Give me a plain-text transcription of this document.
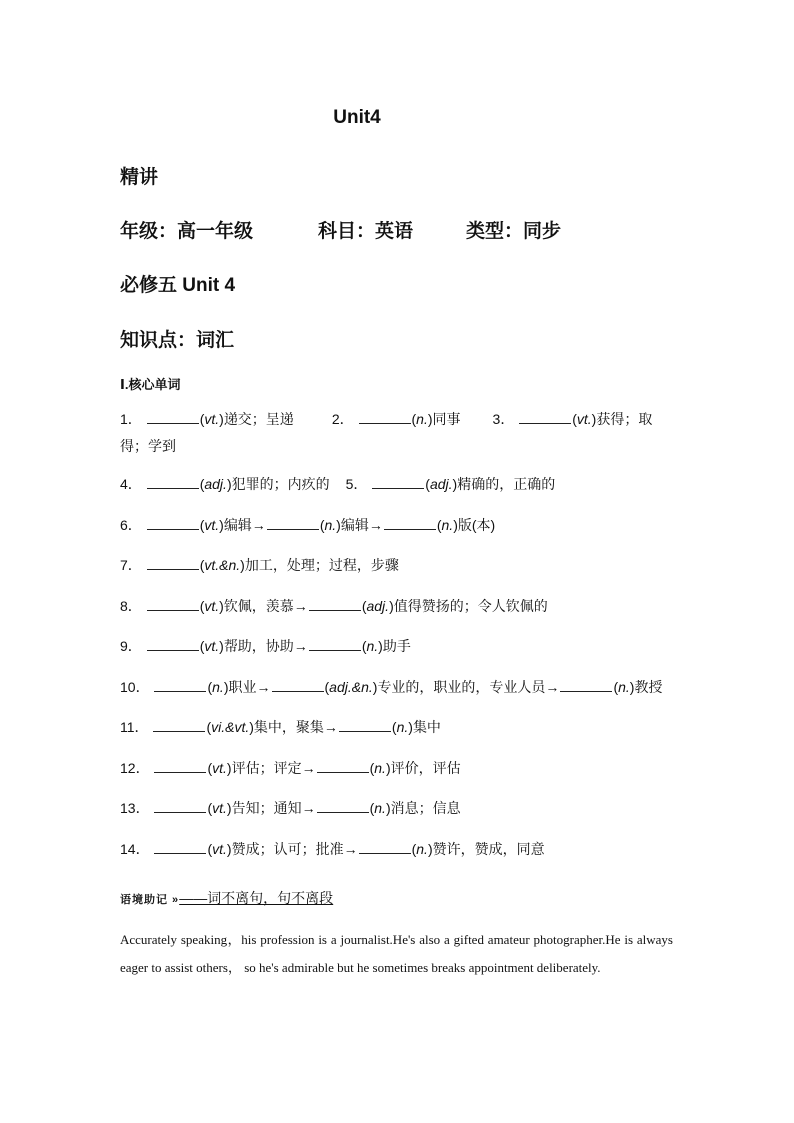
Unit4
精讲
年级：高一年级	科目：英语	类型：同步
必修五 Unit 4
知识点：词汇
Ⅰ.核心单词
1．	(vt.)递交；呈递	2．	(n.)同事 3．	(vt.)获得；取得；学到
4．	(adj.)犯罪的；内疚的 5．	(adj.)精确的，正确的
6．	(vt.)编辑→	(n.)编辑→	(n.)版(本)
7．	(vt.&n.)加工，处理；过程，步骤
8．	(vt.)钦佩，羡慕→	(adj.)值得赞扬的；令人钦佩的
9．	(vt.)帮助，协助→	(n.)助手
10．	(n.)职业→	(adj.&n.)专业的，职业的，专业人员→	(n.)教授
11．	(vi.&vt.)集中，聚集→	(n.)集中
12．	(vt.)评估；评定→	(n.)评价，评估
13．	(vt.)告知；通知→	(n.)消息；信息
14．	(vt.)赞成；认可；批准→	(n.)赞许，赞成，同意
语境助记 »——词不离句，句不离段
Accurately speaking，his profession is a journalist.He's also a gifted amateur photographer.He is always eager to assist others， so he's admirable but he sometimes breaks appointment deliberately.
